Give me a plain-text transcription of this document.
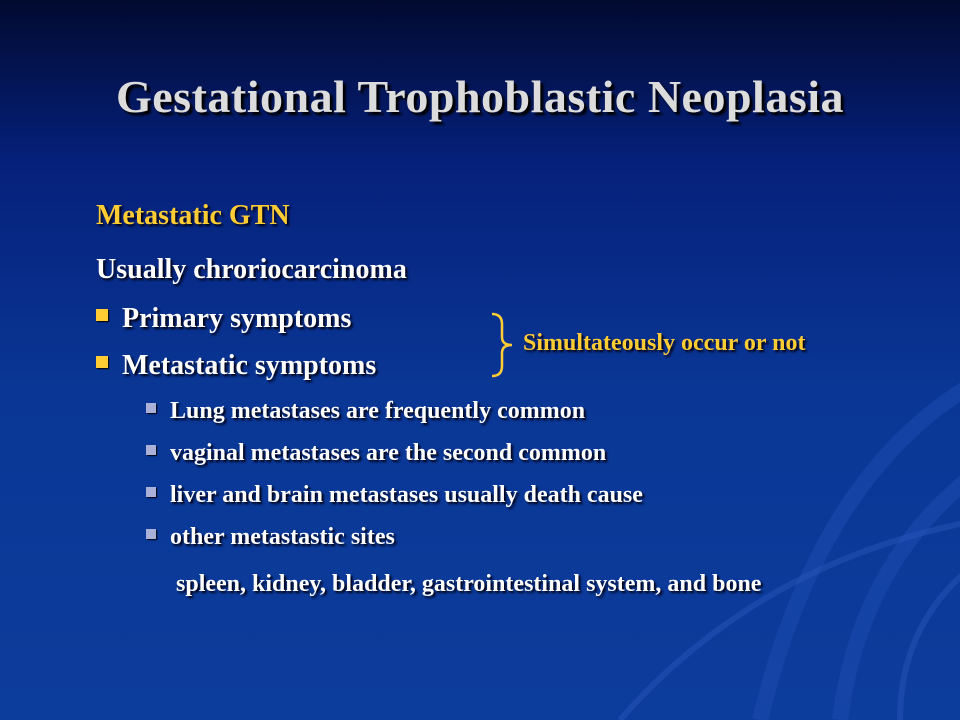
Gestational Trophoblastic Neoplasia
Metastatic GTN
Usually chroriocarcinoma
Primary symptoms
Metastatic symptoms
Simultateously occur or not
Lung metastases are frequently common
vaginal metastases are the second common
liver and brain metastases usually death cause
other metastastic sites
spleen, kidney, bladder, gastrointestinal system, and bone
